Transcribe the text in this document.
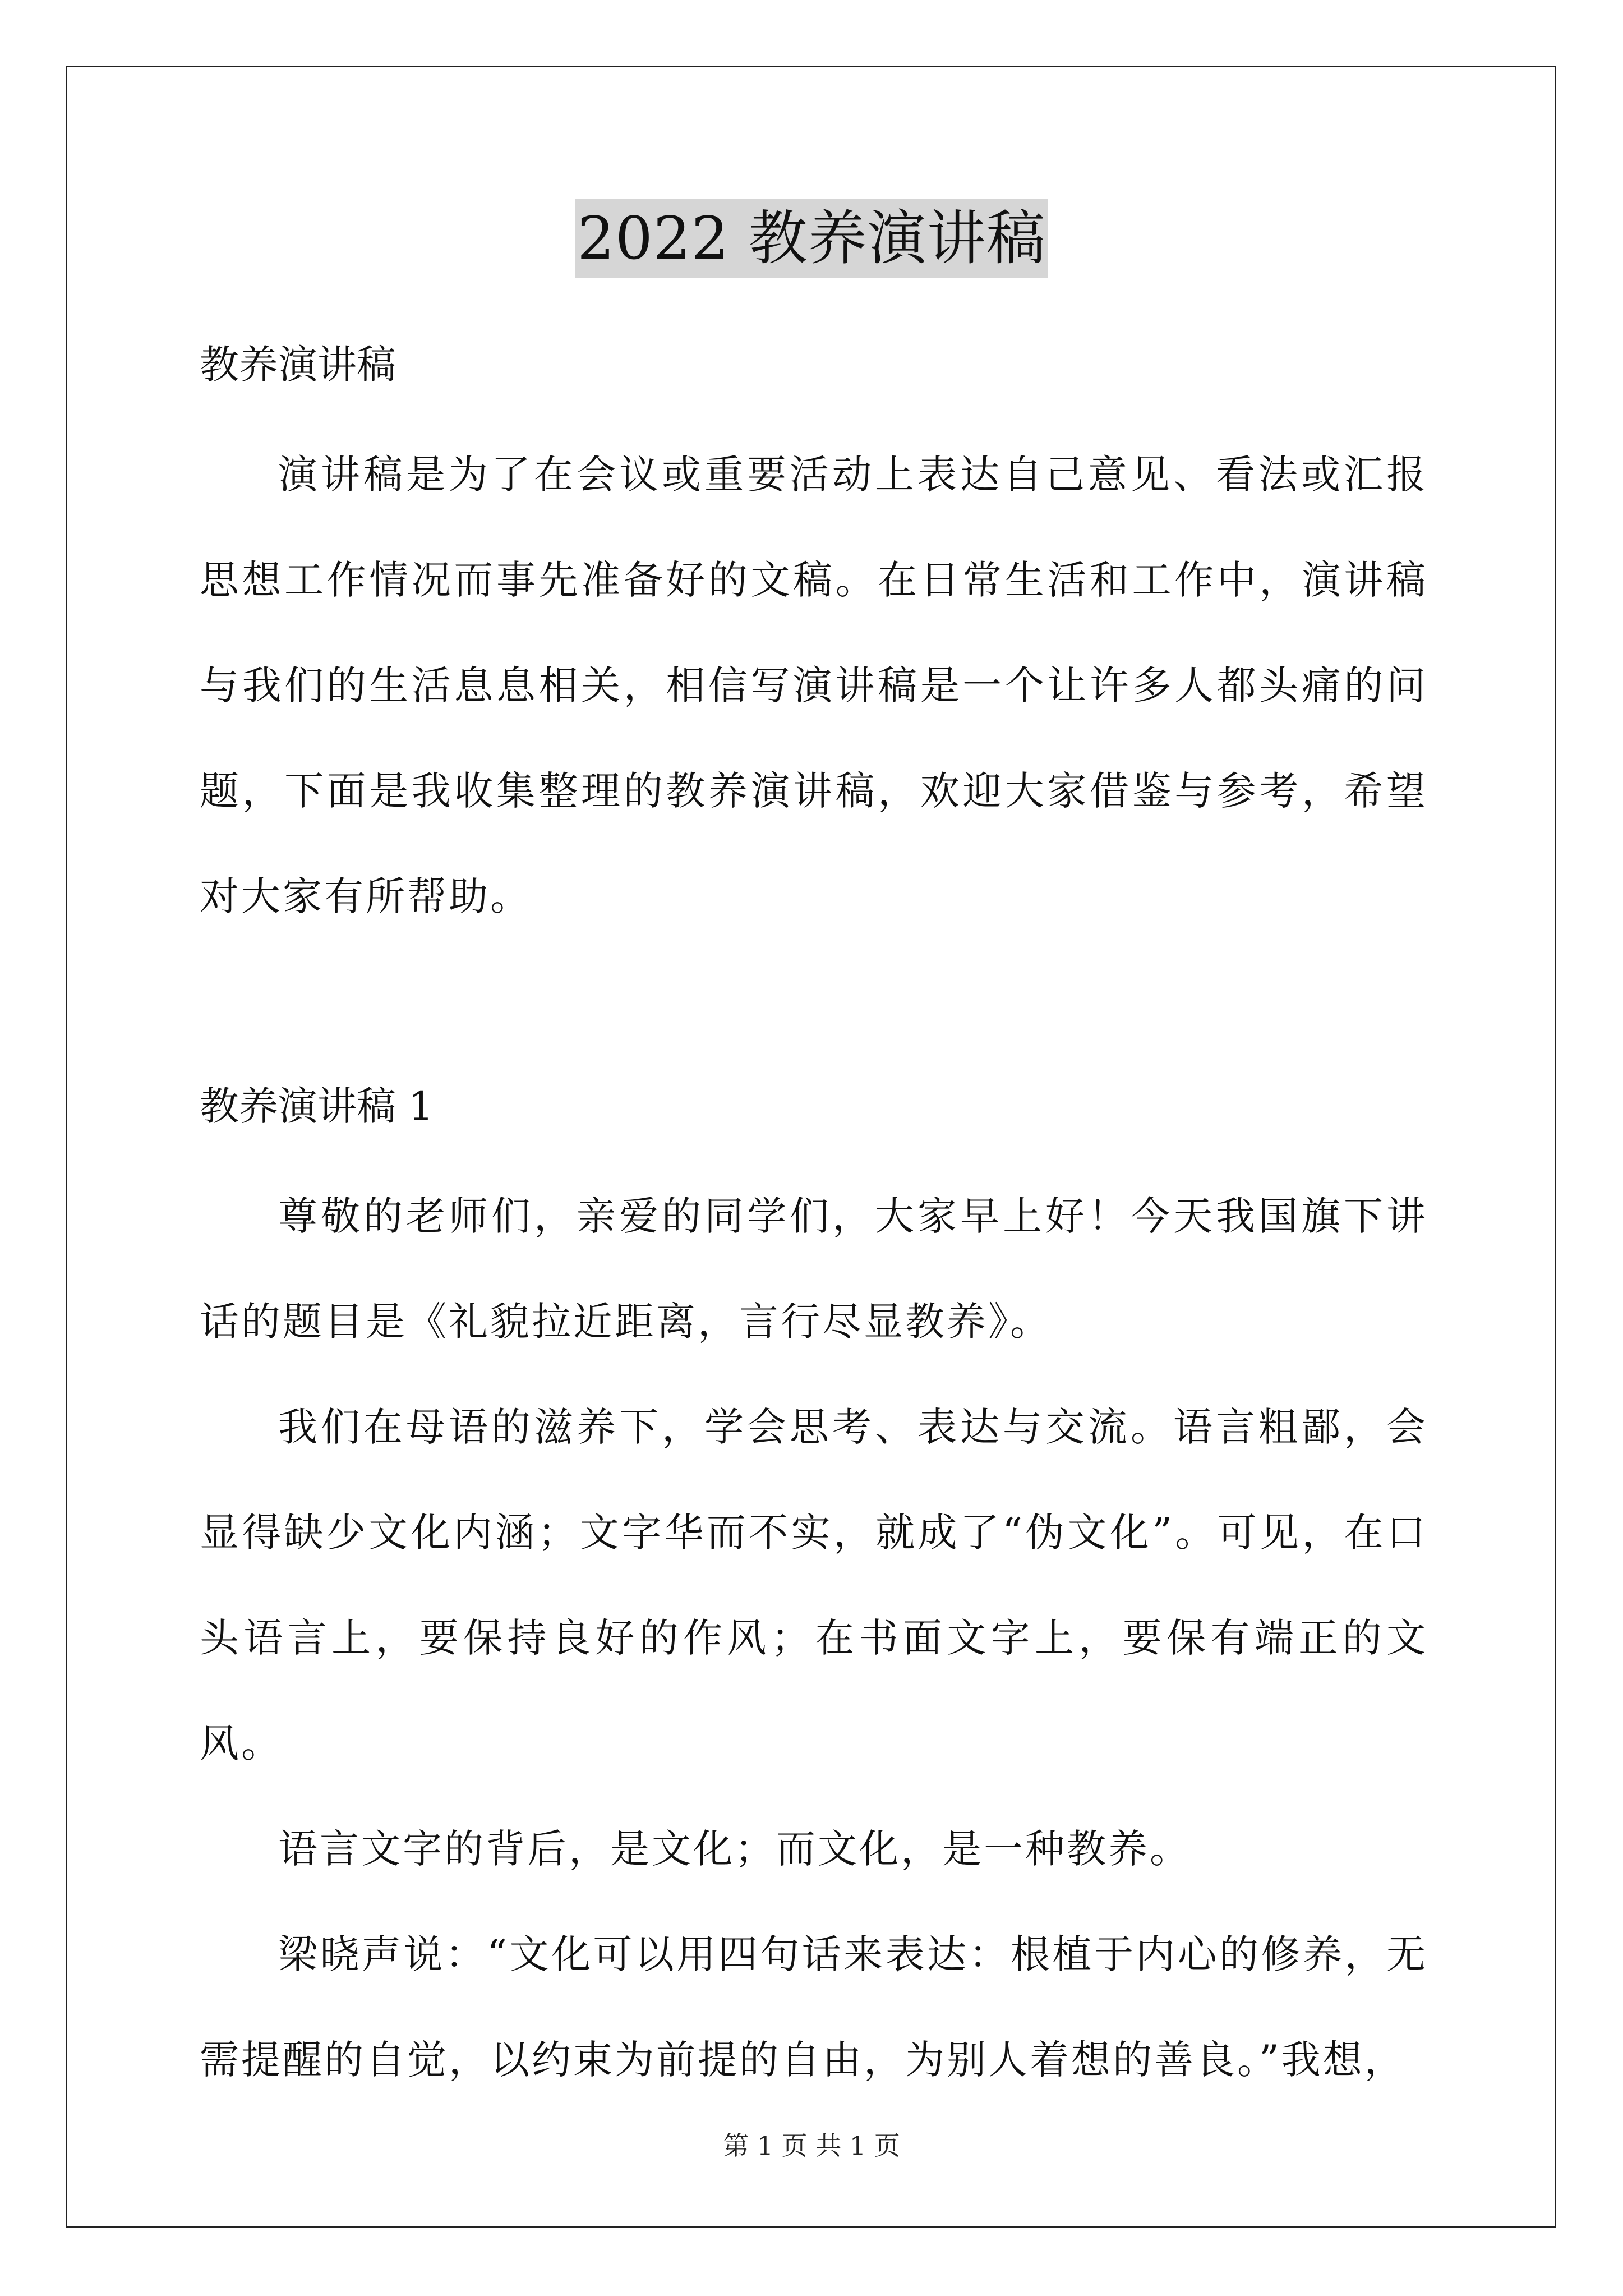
2022 教养演讲稿
教养演讲稿

演讲稿是为了在会议或重要活动上表达自己意见、看法或汇报思想工作情况而事先准备好的文稿。在日常生活和工作中，演讲稿与我们的生活息息相关，相信写演讲稿是一个让许多人都头痛的问题，下面是我收集整理的教养演讲稿，欢迎大家借鉴与参考，希望对大家有所帮助。

教养演讲稿 1

尊敬的老师们，亲爱的同学们，大家早上好！今天我国旗下讲话的题目是《礼貌拉近距离，言行尽显教养》。

我们在母语的滋养下，学会思考、表达与交流。语言粗鄙，会显得缺少文化内涵；文字华而不实，就成了“伪文化”。可见，在口头语言上，要保持良好的作风；在书面文字上，要保有端正的文风。

语言文字的背后，是文化；而文化，是一种教养。

梁晓声说：“文化可以用四句话来表达：根植于内心的修养，无需提醒的自觉，以约束为前提的自由，为别人着想的善良。”我想，

第 1 页 共 1 页
